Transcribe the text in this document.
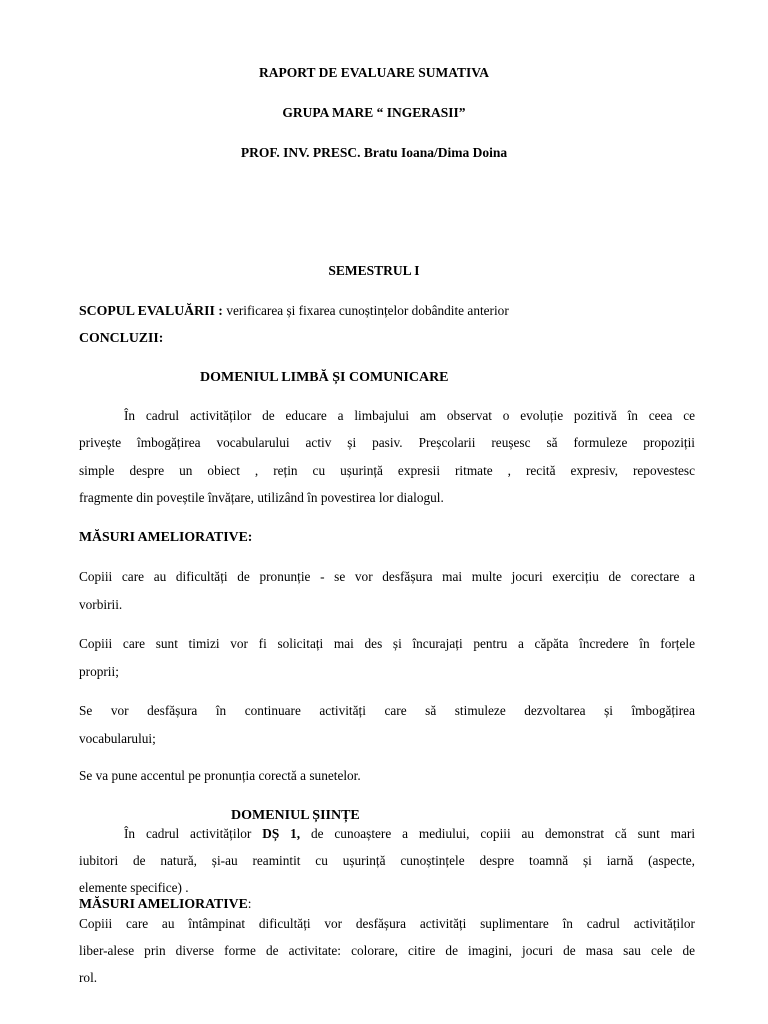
RAPORT DE EVALUARE SUMATIVA
GRUPA MARE “ INGERASII”
PROF. INV. PRESC. Bratu Ioana/Dima Doina
SEMESTRUL I
SCOPUL EVALUĂRII : verificarea și fixarea cunoștințelor dobândite anterior
CONCLUZII:
DOMENIUL LIMBĂ ȘI COMUNICARE
În cadrul activităților de educare a limbajului am observat o evoluție pozitivă în ceea ce
privește îmbogățirea vocabularului activ și pasiv. Preșcolarii reușesc să formuleze propoziții
simple despre un obiect , rețin cu ușurință expresii ritmate , recită expresiv, repovestesc
fragmente din poveștile învățare, utilizând în povestirea lor dialogul.
MĂSURI AMELIORATIVE:
Copiii care au dificultăți de pronunție - se vor desfășura mai multe jocuri exercițiu de corectare a
vorbirii.
Copiii care sunt timizi vor fi solicitați mai des și încurajați pentru a căpăta încredere în forțele
proprii;
Se vor desfășura în continuare activități care să stimuleze dezvoltarea și îmbogățirea
vocabularului;
Se va pune accentul pe pronunția corectă a sunetelor.
DOMENIUL ȘIINȚE
În cadrul activităților DȘ 1, de cunoaștere a mediului, copiii au demonstrat că sunt mari
iubitori de natură, și-au reamintit cu ușurință cunoștințele despre toamnă și iarnă (aspecte,
elemente specifice) .
MĂSURI AMELIORATIVE:
Copiii care au întâmpinat dificultăți vor desfășura activități suplimentare în cadrul activităților
liber-alese prin diverse forme de activitate: colorare, citire de imagini, jocuri de masa sau cele de
rol.
